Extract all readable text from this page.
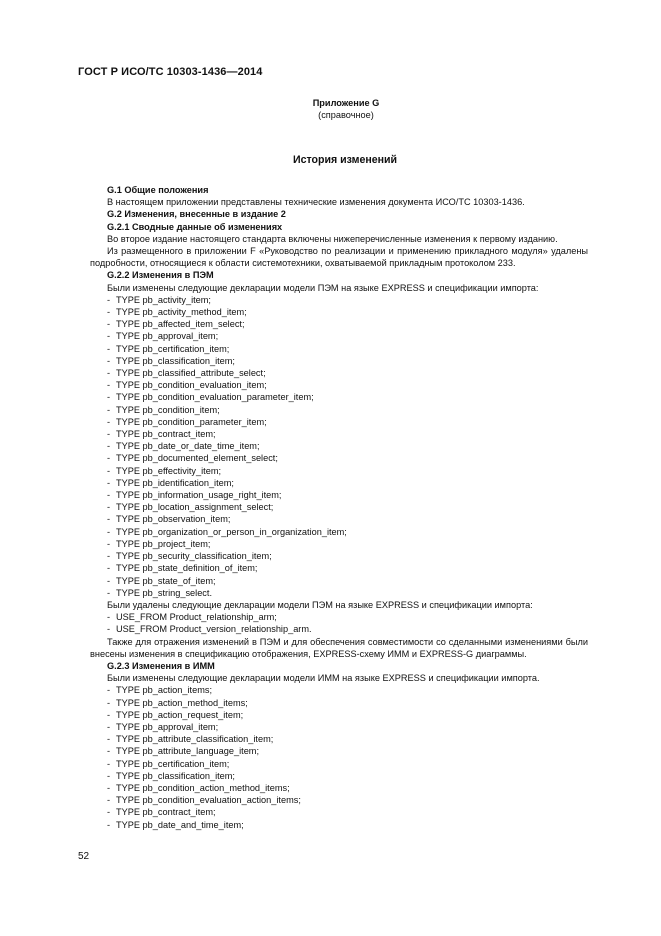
ГОСТ Р ИСО/ТС 10303-1436—2014
Приложение G
(справочное)
История изменений

G.1 Общие положения

В настоящем приложении представлены технические изменения документа ИСО/ТС 10303-1436.

G.2 Изменения, внесенные в издание 2

G.2.1 Сводные данные об изменениях

Во второе издание настоящего стандарта включены нижеперечисленные изменения к первому изданию.

Из размещенного в приложении F «Руководство по реализации и применению прикладного модуля» удалены подробности, относящиеся к области системотехники, охватываемой прикладным протоколом 233.

G.2.2 Изменения в ПЭМ

Были изменены следующие декларации модели ПЭМ на языке EXPRESS и спецификации импорта:

- TYPE pb_activity_item;
- TYPE pb_activity_method_item;
- TYPE pb_affected_item_select;
- TYPE pb_approval_item;
- TYPE pb_certification_item;
- TYPE pb_classification_item;
- TYPE pb_classified_attribute_select;
- TYPE pb_condition_evaluation_item;
- TYPE pb_condition_evaluation_parameter_item;
- TYPE pb_condition_item;
- TYPE pb_condition_parameter_item;
- TYPE pb_contract_item;
- TYPE pb_date_or_date_time_item;
- TYPE pb_documented_element_select;
- TYPE pb_effectivity_item;
- TYPE pb_identification_item;
- TYPE pb_information_usage_right_item;
- TYPE pb_location_assignment_select;
- TYPE pb_observation_item;
- TYPE pb_organization_or_person_in_organization_item;
- TYPE pb_project_item;
- TYPE pb_security_classification_item;
- TYPE pb_state_definition_of_item;
- TYPE pb_state_of_item;
- TYPE pb_string_select.

Были удалены следующие декларации модели ПЭМ на языке EXPRESS и спецификации импорта:

- USE_FROM Product_relationship_arm;
- USE_FROM Product_version_relationship_arm.

Также для отражения изменений в ПЭМ и для обеспечения совместимости со сделанными изменениями были внесены изменения в спецификацию отображения, EXPRESS-схему ИММ и EXPRESS-G диаграммы.

G.2.3 Изменения в ИММ

Были изменены следующие декларации модели ИММ на языке EXPRESS и спецификации импорта.

- TYPE pb_action_items;
- TYPE pb_action_method_items;
- TYPE pb_action_request_item;
- TYPE pb_approval_item;
- TYPE pb_attribute_classification_item;
- TYPE pb_attribute_language_item;
- TYPE pb_certification_item;
- TYPE pb_classification_item;
- TYPE pb_condition_action_method_items;
- TYPE pb_condition_evaluation_action_items;
- TYPE pb_contract_item;
- TYPE pb_date_and_time_item;
52
